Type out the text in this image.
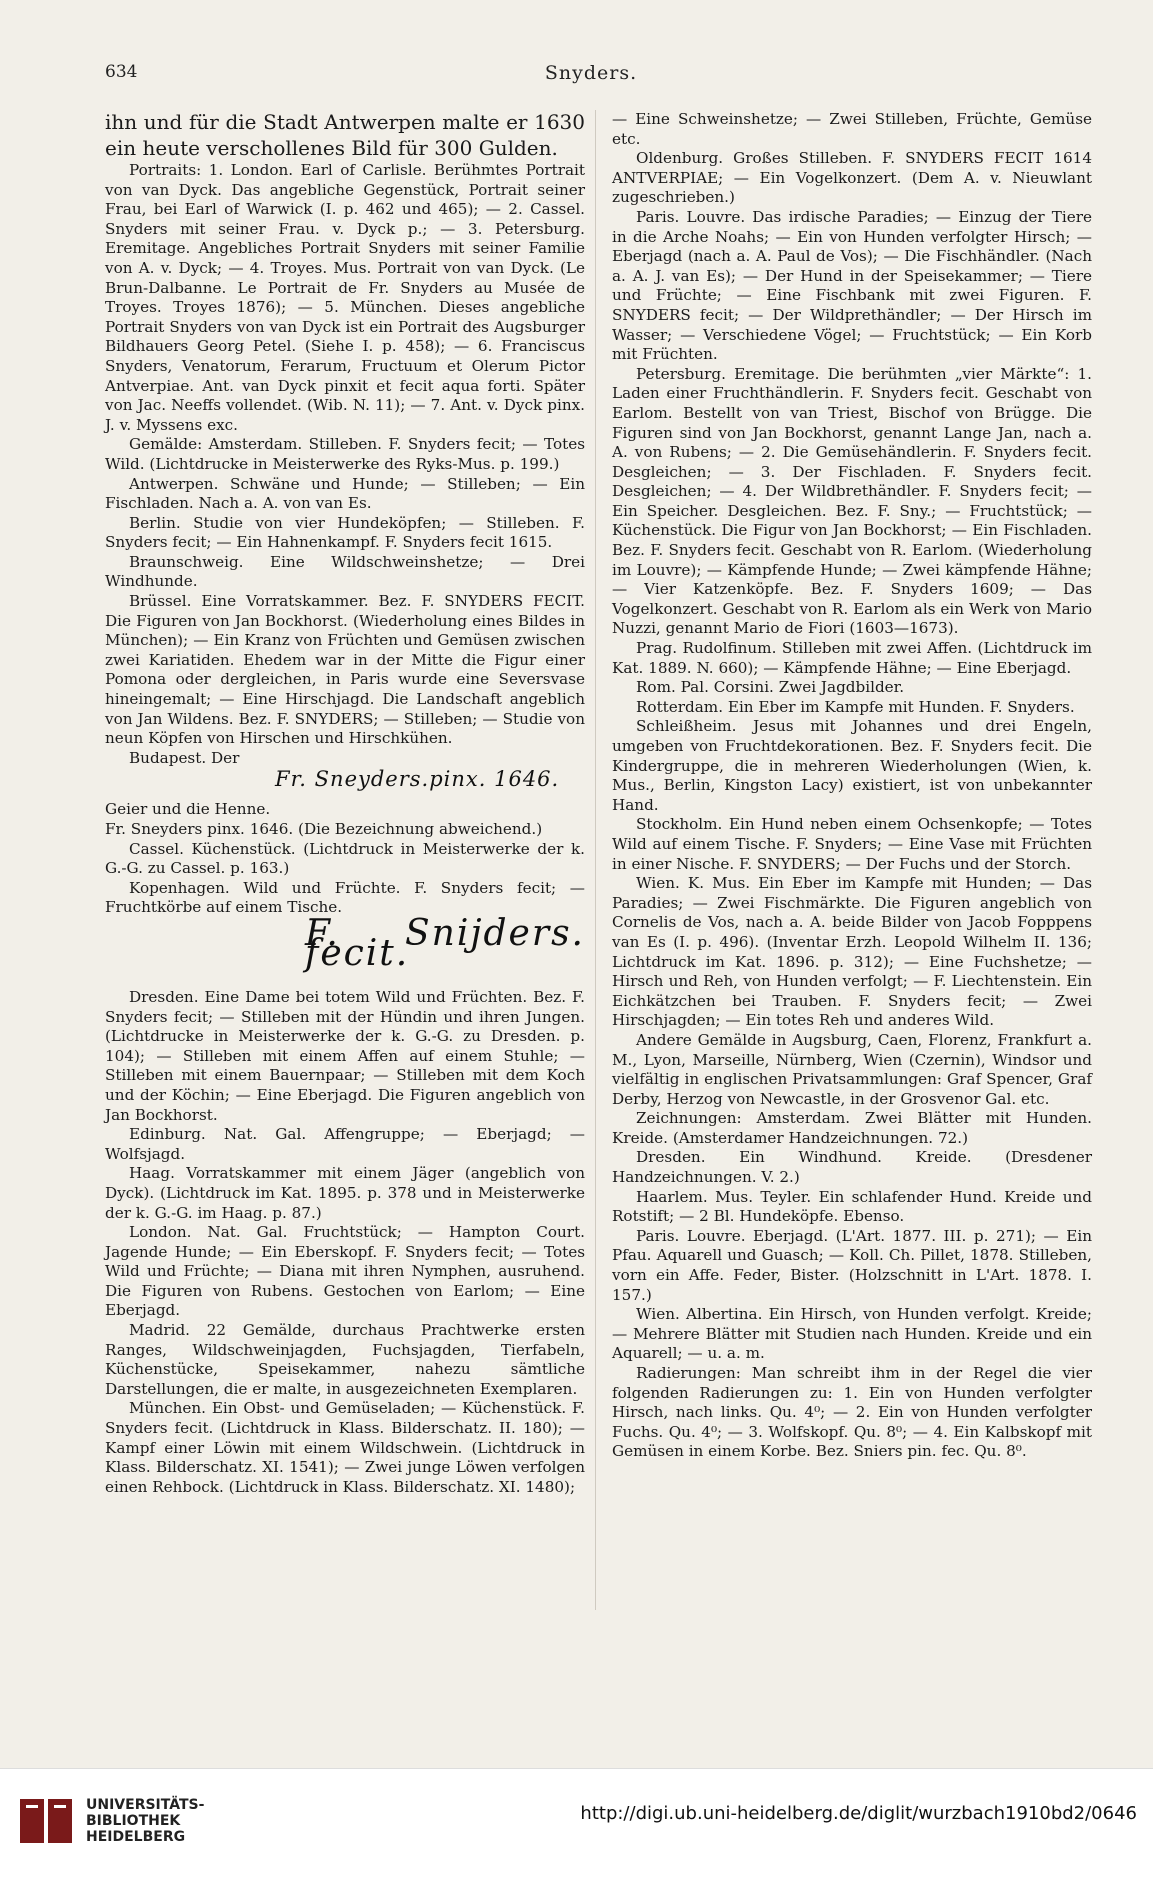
634	Snyders.

ihn und für die Stadt Antwerpen malte er 1630 ein heute verschollenes Bild für 300 Gulden.

Portraits: 1. London. Earl of Carlisle. Berühmtes Portrait von van Dyck. Das angebliche Gegenstück, Portrait seiner Frau, bei Earl of Warwick (I. p. 462 und 465); — 2. Cassel. Snyders mit seiner Frau. v. Dyck p.; — 3. Petersburg. Eremitage. Angebliches Portrait Snyders mit seiner Familie von A. v. Dyck; — 4. Troyes. Mus. Portrait von van Dyck. (Le Brun-Dalbanne. Le Portrait de Fr. Snyders au Musée de Troyes. Troyes 1876); — 5. München. Dieses angebliche Portrait Snyders von van Dyck ist ein Portrait des Augsburger Bildhauers Georg Petel. (Siehe I. p. 458); — 6. Franciscus Snyders, Venatorum, Ferarum, Fructuum et Olerum Pictor Antverpiae. Ant. van Dyck pinxit et fecit aqua forti. Später von Jac. Neeffs vollendet. (Wib. N. 11); — 7. Ant. v. Dyck pinx. J. v. Myssens exc.

Gemälde: Amsterdam. Stilleben. F. Snyders fecit; — Totes Wild. (Lichtdrucke in Meisterwerke des Ryks-Mus. p. 199.)

Antwerpen. Schwäne und Hunde; — Stilleben; — Ein Fischladen. Nach a. A. von van Es.

Berlin. Studie von vier Hundeköpfen; — Stilleben. F. Snyders fecit; — Ein Hahnenkampf. F. Snyders fecit 1615.

Braunschweig. Eine Wildschweinshetze; — Drei Windhunde.

Brüssel. Eine Vorratskammer. Bez. F. SNYDERS FECIT. Die Figuren von Jan Bockhorst. (Wiederholung eines Bildes in München); — Ein Kranz von Früchten und Gemüsen zwischen zwei Kariatiden. Ehedem war in der Mitte die Figur einer Pomona oder dergleichen, in Paris wurde eine Seversvase hineingemalt; — Eine Hirschjagd. Die Landschaft angeblich von Jan Wildens. Bez. F. SNYDERS; — Stilleben; — Studie von neun Köpfen von Hirschen und Hirschkühen.

Budapest. Der

Fr. Sneyders.pinx. 1646.

Geier und die Henne.

Fr. Sneyders pinx. 1646. (Die Bezeichnung abweichend.)

Cassel. Küchenstück. (Lichtdruck in Meisterwerke der k. G.-G. zu Cassel. p. 163.)

Kopenhagen. Wild und Früchte. F. Snyders fecit; — Fruchtkörbe auf einem Tische.

F. Snijders. fecit.

Dresden. Eine Dame bei totem Wild und Früchten. Bez. F. Snyders fecit; — Stilleben mit der Hündin und ihren Jungen. (Lichtdrucke in Meisterwerke der k. G.-G. zu Dresden. p. 104); — Stilleben mit einem Affen auf einem Stuhle; — Stilleben mit einem Bauernpaar; — Stilleben mit dem Koch und der Köchin; — Eine Eberjagd. Die Figuren angeblich von Jan Bockhorst.

Edinburg. Nat. Gal. Affengruppe; — Eberjagd; — Wolfsjagd.

Haag. Vorratskammer mit einem Jäger (angeblich von Dyck). (Lichtdruck im Kat. 1895. p. 378 und in Meisterwerke der k. G.-G. im Haag. p. 87.)

London. Nat. Gal. Fruchtstück; — Hampton Court. Jagende Hunde; — Ein Eberskopf. F. Snyders fecit; — Totes Wild und Früchte; — Diana mit ihren Nymphen, ausruhend. Die Figuren von Rubens. Gestochen von Earlom; — Eine Eberjagd.

Madrid. 22 Gemälde, durchaus Prachtwerke ersten Ranges, Wildschweinjagden, Fuchsjagden, Tierfabeln, Küchenstücke, Speisekammer, nahezu sämtliche Darstellungen, die er malte, in ausgezeichneten Exemplaren.

München. Ein Obst- und Gemüseladen; — Küchenstück. F. Snyders fecit. (Lichtdruck in Klass. Bilderschatz. II. 180); — Kampf einer Löwin mit einem Wildschwein. (Lichtdruck in Klass. Bilderschatz. XI. 1541); — Zwei junge Löwen verfolgen einen Rehbock. (Lichtdruck in Klass. Bilderschatz. XI. 1480);

— Eine Schweinshetze; — Zwei Stilleben, Früchte, Gemüse etc.

Oldenburg. Großes Stilleben. F. SNYDERS FECIT 1614 ANTVERPIAE; — Ein Vogelkonzert. (Dem A. v. Nieuwlant zugeschrieben.)

Paris. Louvre. Das irdische Paradies; — Einzug der Tiere in die Arche Noahs; — Ein von Hunden verfolgter Hirsch; — Eberjagd (nach a. A. Paul de Vos); — Die Fischhändler. (Nach a. A. J. van Es); — Der Hund in der Speisekammer; — Tiere und Früchte; — Eine Fischbank mit zwei Figuren. F. SNYDERS fecit; — Der Wildprethändler; — Der Hirsch im Wasser; — Verschiedene Vögel; — Fruchtstück; — Ein Korb mit Früchten.

Petersburg. Eremitage. Die berühmten „vier Märkte“: 1. Laden einer Fruchthändlerin. F. Snyders fecit. Geschabt von Earlom. Bestellt von van Triest, Bischof von Brügge. Die Figuren sind von Jan Bockhorst, genannt Lange Jan, nach a. A. von Rubens; — 2. Die Gemüsehändlerin. F. Snyders fecit. Desgleichen; — 3. Der Fischladen. F. Snyders fecit. Desgleichen; — 4. Der Wildbrethändler. F. Snyders fecit; — Ein Speicher. Desgleichen. Bez. F. Sny.; — Fruchtstück; — Küchenstück. Die Figur von Jan Bockhorst; — Ein Fischladen. Bez. F. Snyders fecit. Geschabt von R. Earlom. (Wiederholung im Louvre); — Kämpfende Hunde; — Zwei kämpfende Hähne; — Vier Katzenköpfe. Bez. F. Snyders 1609; — Das Vogelkonzert. Geschabt von R. Earlom als ein Werk von Mario Nuzzi, genannt Mario de Fiori (1603—1673).

Prag. Rudolfinum. Stilleben mit zwei Affen. (Lichtdruck im Kat. 1889. N. 660); — Kämpfende Hähne; — Eine Eberjagd.

Rom. Pal. Corsini. Zwei Jagdbilder.

Rotterdam. Ein Eber im Kampfe mit Hunden. F. Snyders.

Schleißheim. Jesus mit Johannes und drei Engeln, umgeben von Fruchtdekorationen. Bez. F. Snyders fecit. Die Kindergruppe, die in mehreren Wiederholungen (Wien, k. Mus., Berlin, Kingston Lacy) existiert, ist von unbekannter Hand.

Stockholm. Ein Hund neben einem Ochsenkopfe; — Totes Wild auf einem Tische. F. Snyders; — Eine Vase mit Früchten in einer Nische. F. SNYDERS; — Der Fuchs und der Storch.

Wien. K. Mus. Ein Eber im Kampfe mit Hunden; — Das Paradies; — Zwei Fischmärkte. Die Figuren angeblich von Cornelis de Vos, nach a. A. beide Bilder von Jacob Fopppens van Es (I. p. 496). (Inventar Erzh. Leopold Wilhelm II. 136; Lichtdruck im Kat. 1896. p. 312); — Eine Fuchshetze; — Hirsch und Reh, von Hunden verfolgt; — F. Liechtenstein. Ein Eichkätzchen bei Trauben. F. Snyders fecit; — Zwei Hirschjagden; — Ein totes Reh und anderes Wild.

Andere Gemälde in Augsburg, Caen, Florenz, Frankfurt a. M., Lyon, Marseille, Nürnberg, Wien (Czernin), Windsor und vielfältig in englischen Privatsammlungen: Graf Spencer, Graf Derby, Herzog von Newcastle, in der Grosvenor Gal. etc.

Zeichnungen: Amsterdam. Zwei Blätter mit Hunden. Kreide. (Amsterdamer Handzeichnungen. 72.)

Dresden. Ein Windhund. Kreide. (Dresdener Handzeichnungen. V. 2.)

Haarlem. Mus. Teyler. Ein schlafender Hund. Kreide und Rotstift; — 2 Bl. Hundeköpfe. Ebenso.

Paris. Louvre. Eberjagd. (L'Art. 1877. III. p. 271); — Ein Pfau. Aquarell und Guasch; — Koll. Ch. Pillet, 1878. Stilleben, vorn ein Affe. Feder, Bister. (Holzschnitt in L'Art. 1878. I. 157.)

Wien. Albertina. Ein Hirsch, von Hunden verfolgt. Kreide; — Mehrere Blätter mit Studien nach Hunden. Kreide und ein Aquarell; — u. a. m.

Radierungen: Man schreibt ihm in der Regel die vier folgenden Radierungen zu: 1. Ein von Hunden verfolgter Hirsch, nach links. Qu. 4⁰; — 2. Ein von Hunden verfolgter Fuchs. Qu. 4⁰; — 3. Wolfskopf. Qu. 8⁰; — 4. Ein Kalbskopf mit Gemüsen in einem Korbe. Bez. Sniers pin. fec. Qu. 8⁰.

UNIVERSITÄTS-
BIBLIOTHEK
HEIDELBERG
http://digi.ub.uni-heidelberg.de/diglit/wurzbach1910bd2/0646
